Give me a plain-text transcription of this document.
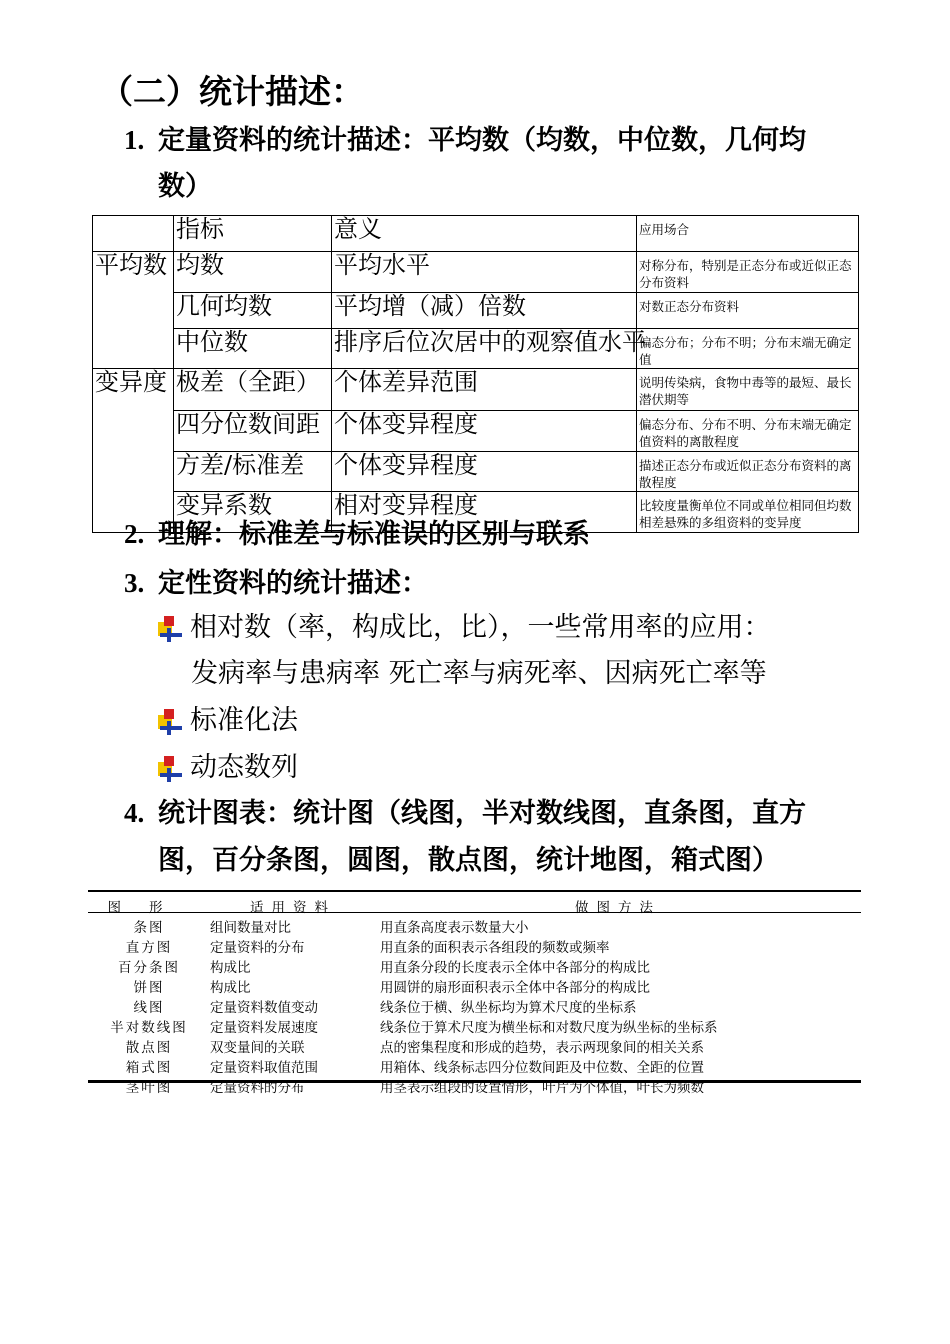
（二）统计描述：
1. 定量资料的统计描述：平均数（均数，中位数，几何均
数）
	指标	意义	应用场合
平均数	均数	平均水平	对称分布，特别是正态分布或近似正态分布资料
	几何均数	平均增（减）倍数	对数正态分布资料
	中位数	排序后位次居中的观察值水平	偏态分布；分布不明；分布末端无确定值
变异度	极差（全距）	个体差异范围	说明传染病，食物中毒等的最短、最长潜伏期等
	四分位数间距	个体变异程度	偏态分布、分布不明、分布末端无确定值资料的离散程度
	方差/标准差	个体变异程度	描述正态分布或近似正态分布资料的离散程度
	变异系数	相对变异程度	比较度量衡单位不同或单位相同但均数相差悬殊的多组资料的变异度
2. 理解：标准差与标准误的区别与联系
3. 定性资料的统计描述：
相对数（率，构成比，比），一些常用率的应用：
发病率与患病率 死亡率与病死率、因病死亡率等
标准化法
动态数列
4. 统计图表：统计图（线图，半对数线图，直条图，直方
图，百分条图，圆图，散点图，统计地图，箱式图）
图形	适用资料	做图方法
条图	组间数量对比	用直条高度表示数量大小
直方图	定量资料的分布	用直条的面积表示各组段的频数或频率
百分条图	构成比	用直条分段的长度表示全体中各部分的构成比
饼图	构成比	用圆饼的扇形面积表示全体中各部分的构成比
线图	定量资料数值变动	线条位于横、纵坐标均为算术尺度的坐标系
半对数线图	定量资料发展速度	线条位于算术尺度为横坐标和对数尺度为纵坐标的坐标系
散点图	双变量间的关联	点的密集程度和形成的趋势，表示两现象间的相关关系
箱式图	定量资料取值范围	用箱体、线条标志四分位数间距及中位数、全距的位置
茎叶图	定量资料的分布	用茎表示组段的设置情形，叶片为个体值，叶长为频数
